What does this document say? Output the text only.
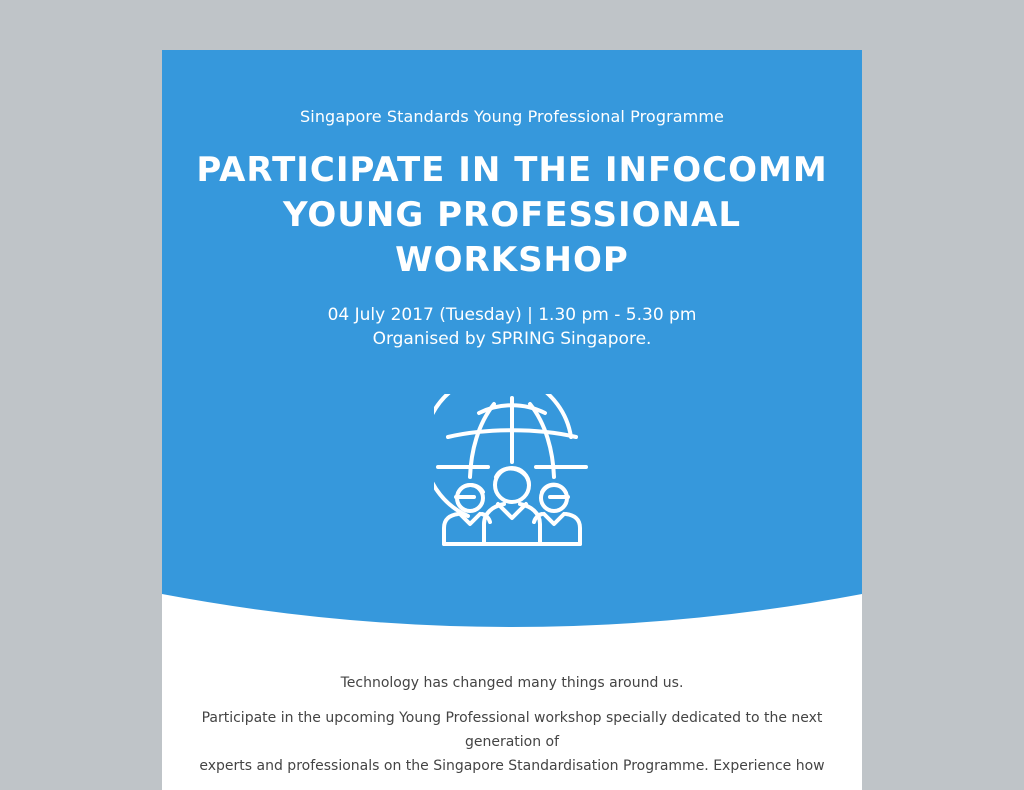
Singapore Standards Young Professional Programme
PARTICIPATE IN THE INFOCOMM YOUNG PROFESSIONAL WORKSHOP
04 July 2017 (Tuesday) | 1.30 pm - 5.30 pm
Organised by SPRING Singapore.

Technology has changed many things around us.

Participate in the upcoming Young Professional workshop specially dedicated to the next generation of

experts and professionals on the Singapore Standardisation Programme. Experience how
